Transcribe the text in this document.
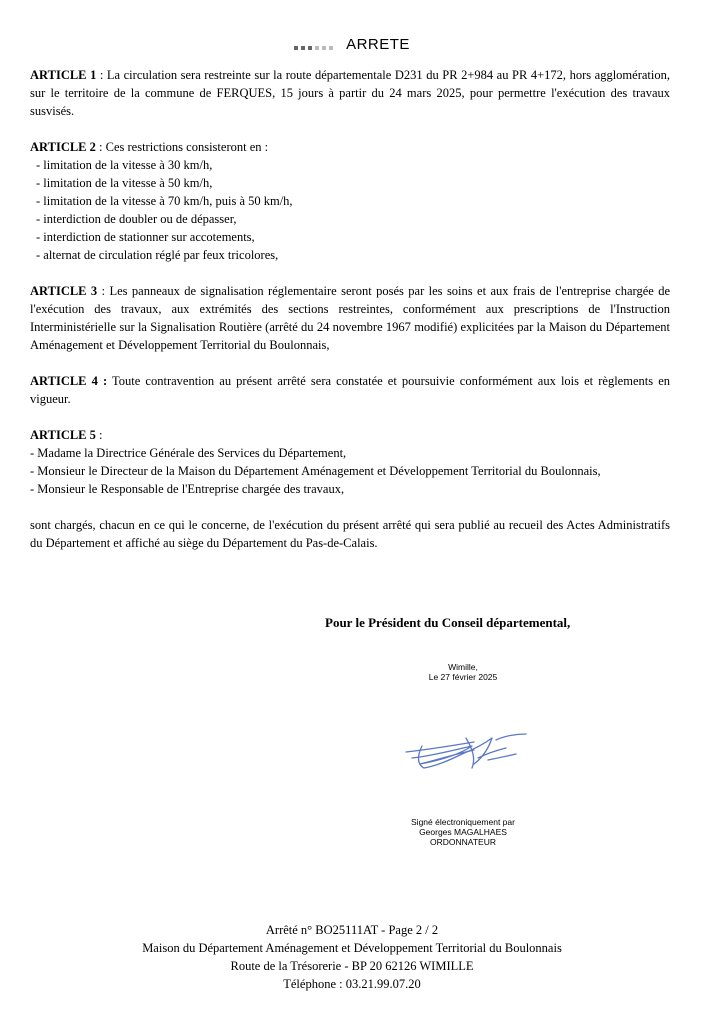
ARRETE

ARTICLE 1 : La circulation sera restreinte sur la route départementale D231 du PR 2+984 au PR 4+172, hors agglomération, sur le territoire de la commune de FERQUES, 15 jours à partir du 24 mars 2025, pour permettre l'exécution des travaux susvisés.

ARTICLE 2 : Ces restrictions consisteront en :
- limitation de la vitesse à 30 km/h,
- limitation de la vitesse à 50 km/h,
- limitation de la vitesse à 70 km/h, puis à 50 km/h,
- interdiction de doubler ou de dépasser,
- interdiction de stationner sur accotements,
- alternat de circulation réglé par feux tricolores,

ARTICLE 3 : Les panneaux de signalisation réglementaire seront posés par les soins et aux frais de l'entreprise chargée de l'exécution des travaux, aux extrémités des sections restreintes, conformément aux prescriptions de l'Instruction Interministérielle sur la Signalisation Routière (arrêté du 24 novembre 1967 modifié) explicitées par la Maison du Département Aménagement et Développement Territorial du Boulonnais,

ARTICLE 4 : Toute contravention au présent arrêté sera constatée et poursuivie conformément aux lois et règlements en vigueur.

ARTICLE 5 :
- Madame la Directrice Générale des Services du Département,
- Monsieur le Directeur de la Maison du Département Aménagement et Développement Territorial du Boulonnais,
- Monsieur le Responsable de l'Entreprise chargée des travaux,

sont chargés, chacun en ce qui le concerne, de l'exécution du présent arrêté qui sera publié au recueil des Actes Administratifs du Département et affiché au siège du Département du Pas-de-Calais.

Pour le Président du Conseil départemental,
Wimille,
Le 27 février 2025
Signé électroniquement par
Georges MAGALHAES
ORDONNATEUR
Arrêté n° BO25111AT - Page 2 / 2
Maison du Département Aménagement et Développement Territorial du Boulonnais
Route de la Trésorerie - BP 20 62126 WIMILLE
Téléphone : 03.21.99.07.20
